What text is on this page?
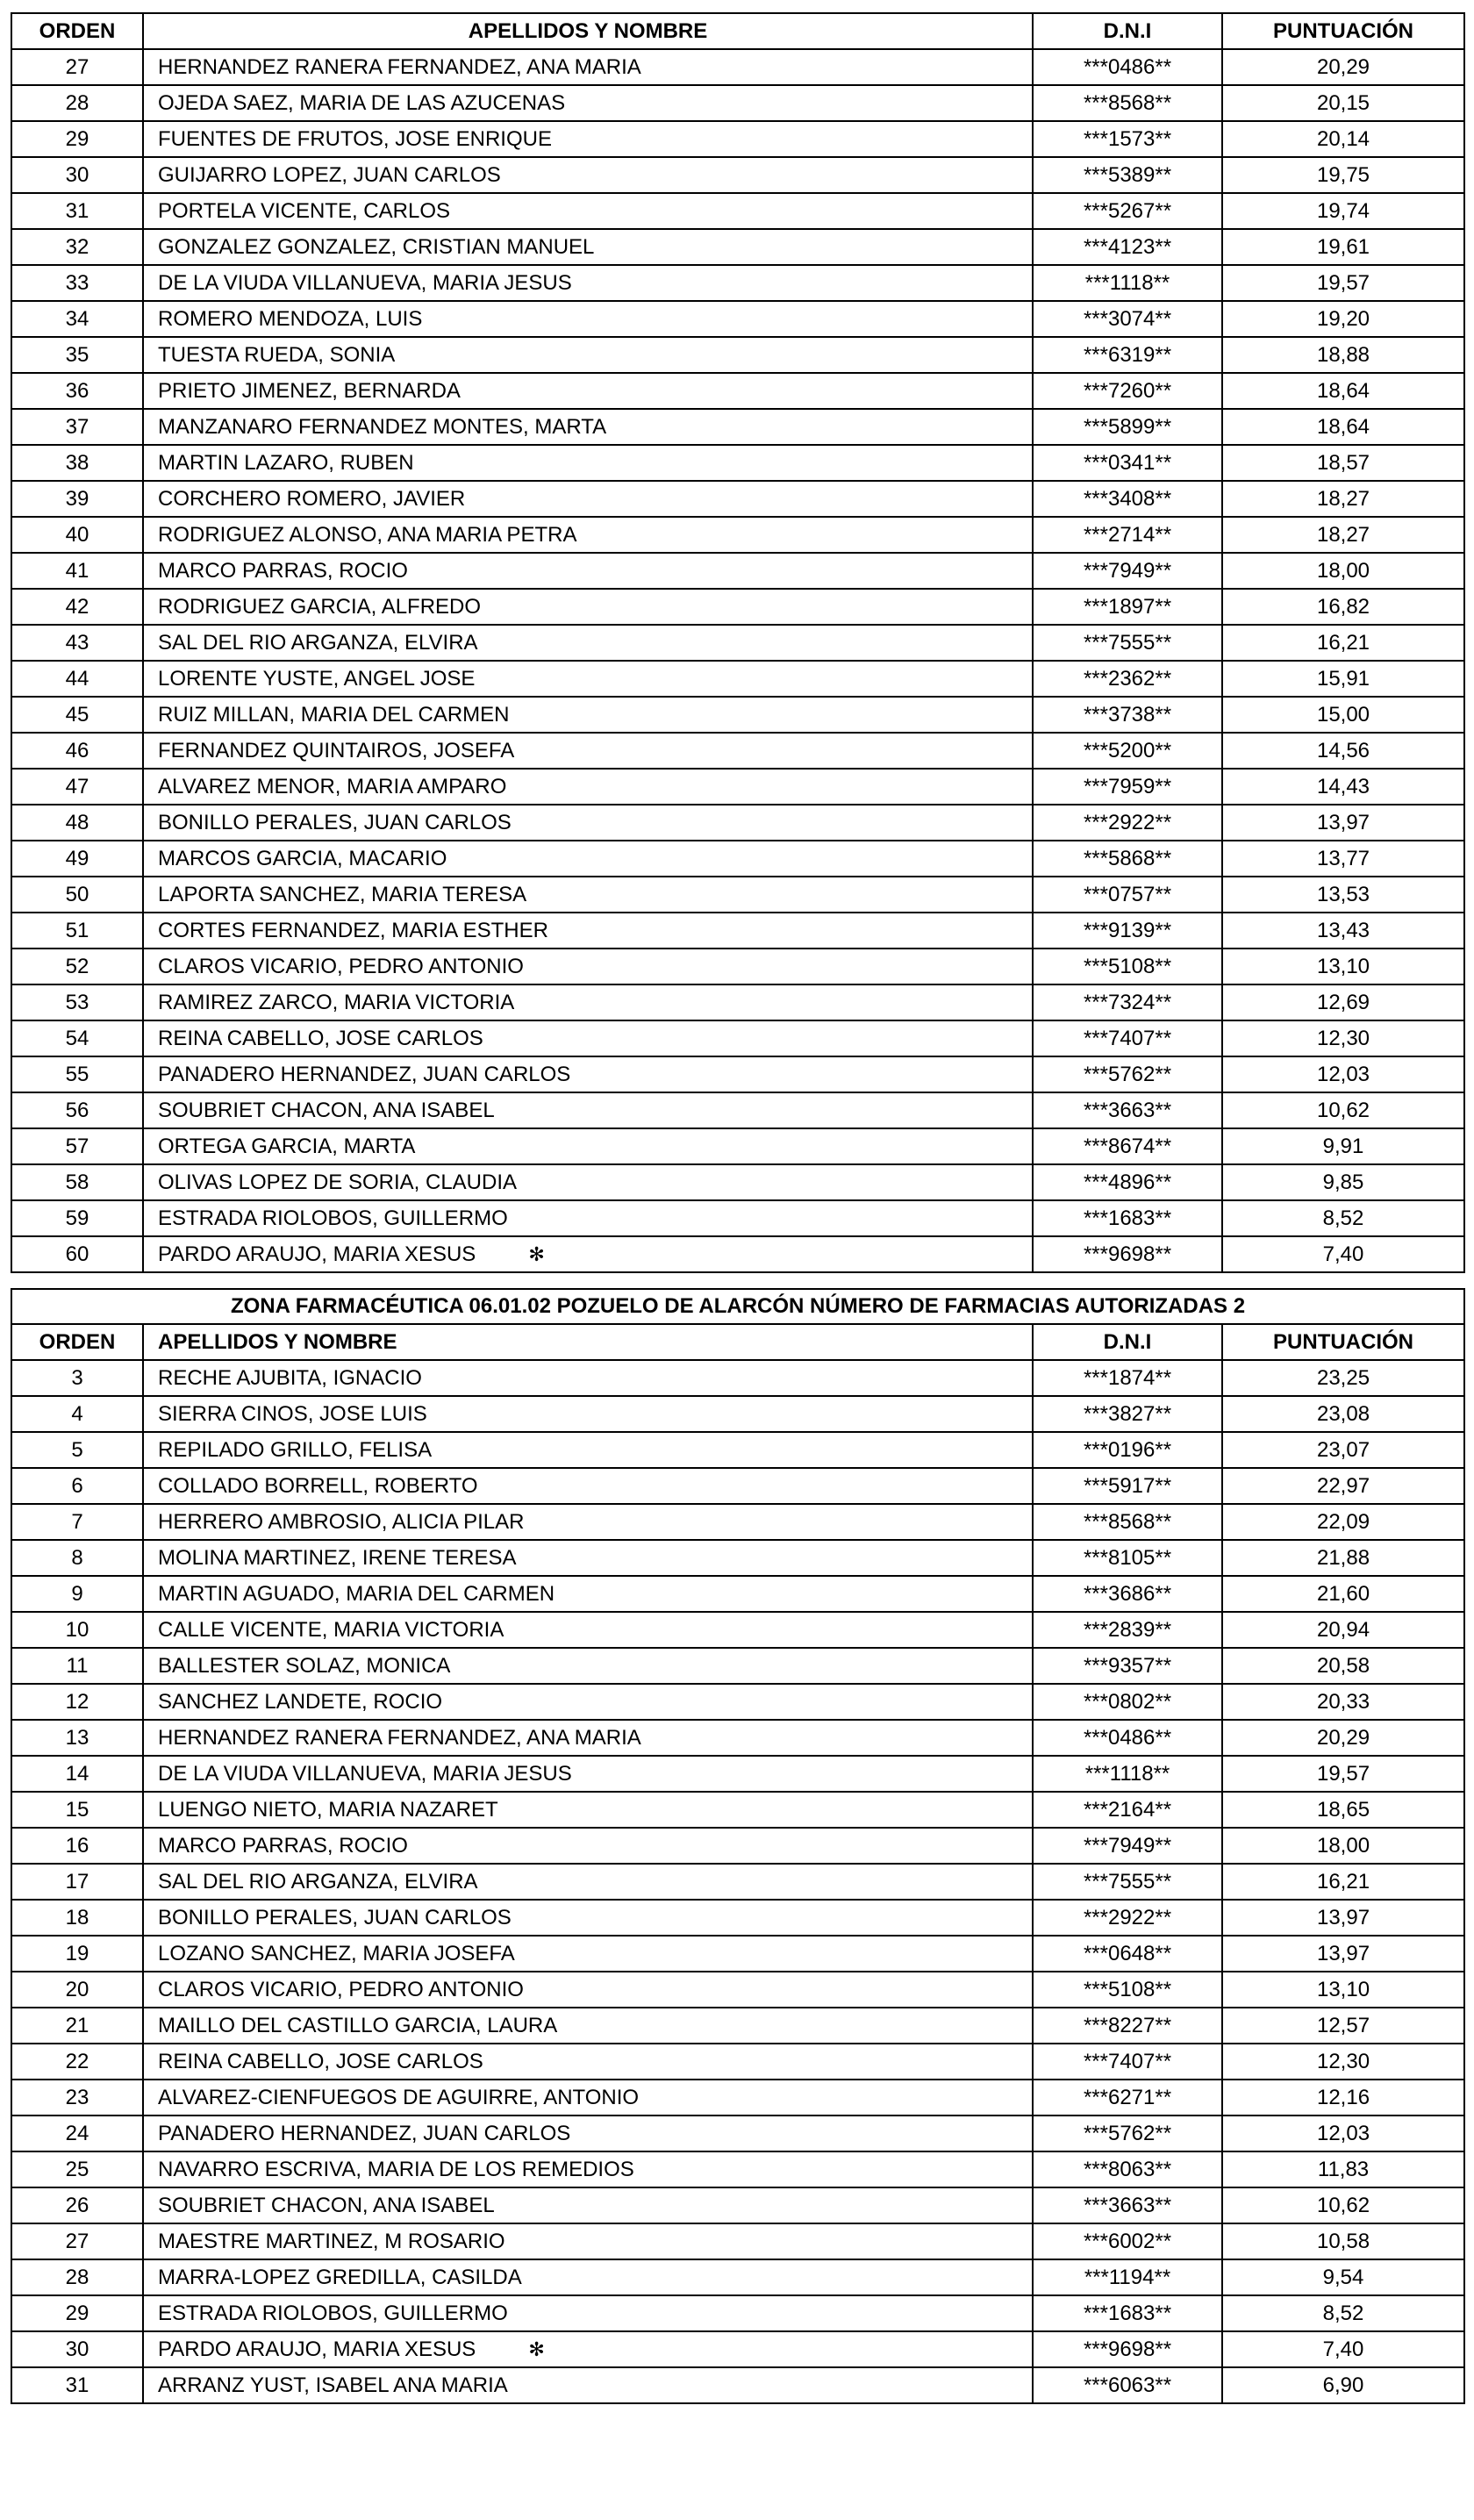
ORDEN	APELLIDOS Y NOMBRE	D.N.I	PUNTUACIÓN
27	HERNANDEZ RANERA FERNANDEZ, ANA MARIA	***0486**	20,29
28	OJEDA SAEZ, MARIA DE LAS AZUCENAS	***8568**	20,15
29	FUENTES DE FRUTOS, JOSE ENRIQUE	***1573**	20,14
30	GUIJARRO LOPEZ, JUAN CARLOS	***5389**	19,75
31	PORTELA VICENTE, CARLOS	***5267**	19,74
32	GONZALEZ GONZALEZ, CRISTIAN MANUEL	***4123**	19,61
33	DE LA VIUDA VILLANUEVA, MARIA JESUS	***1118**	19,57
34	ROMERO MENDOZA, LUIS	***3074**	19,20
35	TUESTA RUEDA, SONIA	***6319**	18,88
36	PRIETO JIMENEZ, BERNARDA	***7260**	18,64
37	MANZANARO FERNANDEZ MONTES, MARTA	***5899**	18,64
38	MARTIN LAZARO, RUBEN	***0341**	18,57
39	CORCHERO ROMERO, JAVIER	***3408**	18,27
40	RODRIGUEZ ALONSO, ANA MARIA PETRA	***2714**	18,27
41	MARCO PARRAS, ROCIO	***7949**	18,00
42	RODRIGUEZ GARCIA, ALFREDO	***1897**	16,82
43	SAL DEL RIO ARGANZA, ELVIRA	***7555**	16,21
44	LORENTE YUSTE, ANGEL JOSE	***2362**	15,91
45	RUIZ MILLAN, MARIA DEL CARMEN	***3738**	15,00
46	FERNANDEZ QUINTAIROS, JOSEFA	***5200**	14,56
47	ALVAREZ MENOR, MARIA AMPARO	***7959**	14,43
48	BONILLO PERALES, JUAN CARLOS	***2922**	13,97
49	MARCOS GARCIA, MACARIO	***5868**	13,77
50	LAPORTA SANCHEZ, MARIA TERESA	***0757**	13,53
51	CORTES FERNANDEZ, MARIA ESTHER	***9139**	13,43
52	CLAROS VICARIO, PEDRO ANTONIO	***5108**	13,10
53	RAMIREZ ZARCO, MARIA VICTORIA	***7324**	12,69
54	REINA CABELLO, JOSE CARLOS	***7407**	12,30
55	PANADERO HERNANDEZ, JUAN CARLOS	***5762**	12,03
56	SOUBRIET CHACON, ANA ISABEL	***3663**	10,62
57	ORTEGA GARCIA, MARTA	***8674**	9,91
58	OLIVAS LOPEZ DE SORIA, CLAUDIA	***4896**	9,85
59	ESTRADA RIOLOBOS, GUILLERMO	***1683**	8,52
60	PARDO ARAUJO, MARIA XESUS ✻	***9698**	7,40
ZONA FARMACÉUTICA 06.01.02 POZUELO DE ALARCÓN NÚMERO DE FARMACIAS AUTORIZADAS 2			
ORDEN	APELLIDOS Y NOMBRE	D.N.I	PUNTUACIÓN
3	RECHE AJUBITA, IGNACIO	***1874**	23,25
4	SIERRA CINOS, JOSE LUIS	***3827**	23,08
5	REPILADO GRILLO, FELISA	***0196**	23,07
6	COLLADO BORRELL, ROBERTO	***5917**	22,97
7	HERRERO AMBROSIO, ALICIA PILAR	***8568**	22,09
8	MOLINA MARTINEZ, IRENE TERESA	***8105**	21,88
9	MARTIN AGUADO, MARIA DEL CARMEN	***3686**	21,60
10	CALLE VICENTE, MARIA VICTORIA	***2839**	20,94
11	BALLESTER SOLAZ, MONICA	***9357**	20,58
12	SANCHEZ LANDETE, ROCIO	***0802**	20,33
13	HERNANDEZ RANERA FERNANDEZ, ANA MARIA	***0486**	20,29
14	DE LA VIUDA VILLANUEVA, MARIA JESUS	***1118**	19,57
15	LUENGO NIETO, MARIA NAZARET	***2164**	18,65
16	MARCO PARRAS, ROCIO	***7949**	18,00
17	SAL DEL RIO ARGANZA, ELVIRA	***7555**	16,21
18	BONILLO PERALES, JUAN CARLOS	***2922**	13,97
19	LOZANO SANCHEZ, MARIA JOSEFA	***0648**	13,97
20	CLAROS VICARIO, PEDRO ANTONIO	***5108**	13,10
21	MAILLO DEL CASTILLO GARCIA, LAURA	***8227**	12,57
22	REINA CABELLO, JOSE CARLOS	***7407**	12,30
23	ALVAREZ-CIENFUEGOS DE AGUIRRE, ANTONIO	***6271**	12,16
24	PANADERO HERNANDEZ, JUAN CARLOS	***5762**	12,03
25	NAVARRO ESCRIVA, MARIA DE LOS REMEDIOS	***8063**	11,83
26	SOUBRIET CHACON, ANA ISABEL	***3663**	10,62
27	MAESTRE MARTINEZ, M ROSARIO	***6002**	10,58
28	MARRA-LOPEZ GREDILLA, CASILDA	***1194**	9,54
29	ESTRADA RIOLOBOS, GUILLERMO	***1683**	8,52
30	PARDO ARAUJO, MARIA XESUS ✻	***9698**	7,40
31	ARRANZ YUST, ISABEL ANA MARIA	***6063**	6,90
